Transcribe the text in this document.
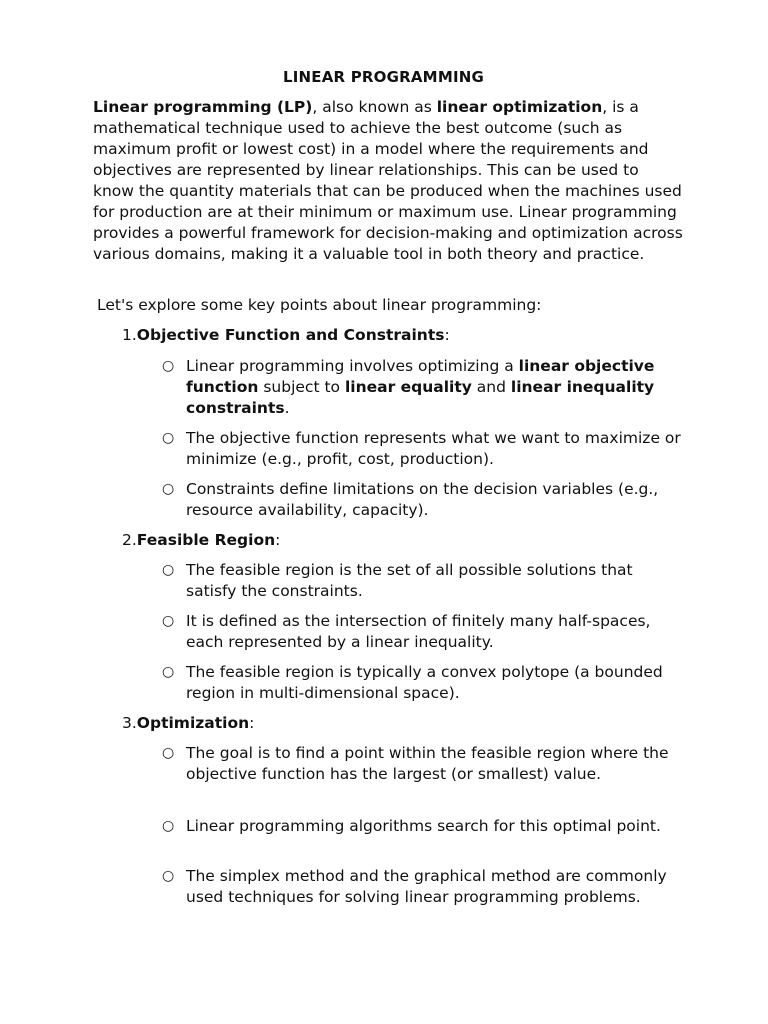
LINEAR PROGRAMMING

Linear programming (LP), also known as linear optimization, is a mathematical technique used to achieve the best outcome (such as maximum profit or lowest cost) in a model where the requirements and objectives are represented by linear relationships. This can be used to know the quantity materials that can be produced when the machines used for production are at their minimum or maximum use. Linear programming provides a powerful framework for decision-making and optimization across various domains, making it a valuable tool in both theory and practice.

Let's explore some key points about linear programming:

1.Objective Function and Constraints:

○ Linear programming involves optimizing a linear objective function subject to linear equality and linear inequality constraints.
○ The objective function represents what we want to maximize or minimize (e.g., profit, cost, production).
○ Constraints define limitations on the decision variables (e.g., resource availability, capacity).

2.Feasible Region:

○ The feasible region is the set of all possible solutions that satisfy the constraints.
○ It is defined as the intersection of finitely many half-spaces, each represented by a linear inequality.
○ The feasible region is typically a convex polytope (a bounded region in multi-dimensional space).

3.Optimization:

○ The goal is to find a point within the feasible region where the objective function has the largest (or smallest) value.
○ Linear programming algorithms search for this optimal point.
○ The simplex method and the graphical method are commonly used techniques for solving linear programming problems.
